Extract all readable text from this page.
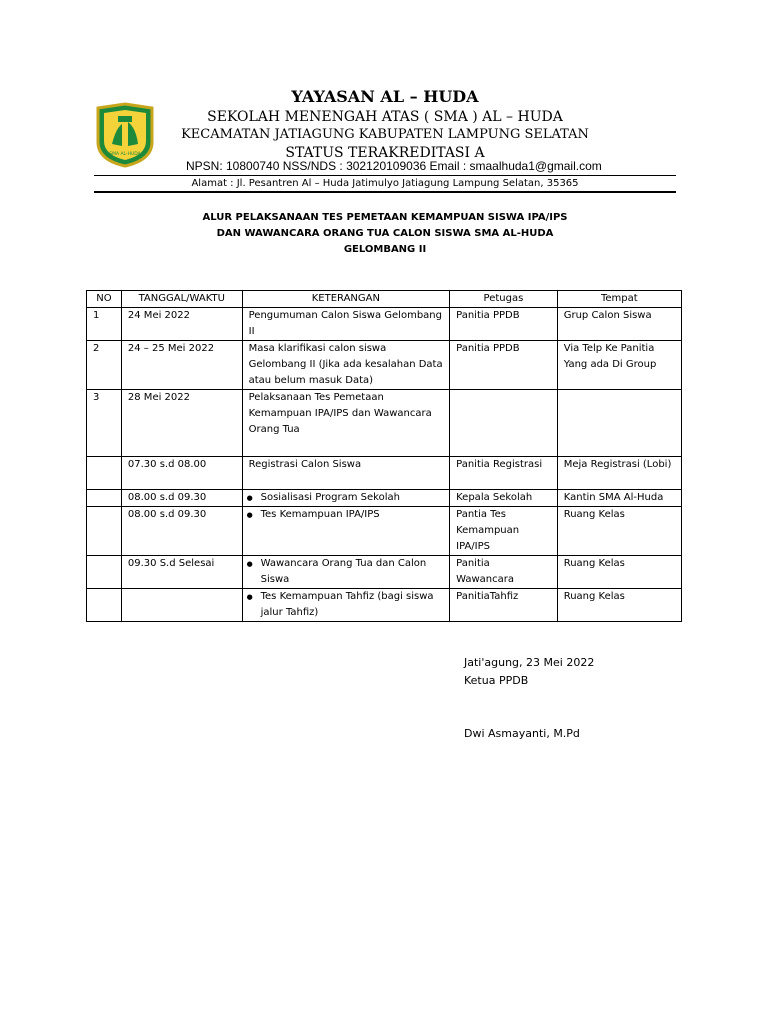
SMA AL-HUDA
YAYASAN AL – HUDA
SEKOLAH MENENGAH ATAS ( SMA ) AL – HUDA
KECAMATAN JATIAGUNG KABUPATEN LAMPUNG SELATAN
STATUS TERAKREDITASI A
NPSN: 10800740 NSS/NDS : 302120109036 Email : smaalhuda1@gmail.com
Alamat : Jl. Pesantren Al – Huda Jatimulyo Jatiagung Lampung Selatan, 35365
ALUR PELAKSANAAN TES PEMETAAN KEMAMPUAN SISWA IPA/IPS
DAN WAWANCARA ORANG TUA CALON SISWA SMA AL-HUDA
GELOMBANG II
NO	TANGGAL/WAKTU	KETERANGAN	Petugas	Tempat
1	24 Mei 2022	Pengumuman Calon Siswa Gelombang II	Panitia PPDB	Grup Calon Siswa
2	24 – 25 Mei 2022	Masa klarifikasi calon siswa Gelombang II (Jika ada kesalahan Data atau belum masuk Data)	Panitia PPDB	Via Telp Ke Panitia Yang ada Di Group
3	28 Mei 2022	Pelaksanaan Tes Pemetaan Kemampuan IPA/IPS dan Wawancara Orang Tua		
	07.30 s.d 08.00	Registrasi Calon Siswa	Panitia Registrasi	Meja Registrasi (Lobi)
	08.00 s.d 09.30	● Sosialisasi Program Sekolah	Kepala Sekolah	Kantin SMA Al-Huda
	08.00 s.d 09.30	● Tes Kemampuan IPA/IPS	Pantia Tes Kemampuan IPA/IPS	Ruang Kelas
	09.30 S.d Selesai	● Wawancara Orang Tua dan Calon Siswa	Panitia Wawancara	Ruang Kelas
		● Tes Kemampuan Tahfiz (bagi siswa jalur Tahfiz)	PanitiaTahfiz	Ruang Kelas
Jati'agung, 23 Mei 2022
Ketua PPDB
Dwi Asmayanti, M.Pd
